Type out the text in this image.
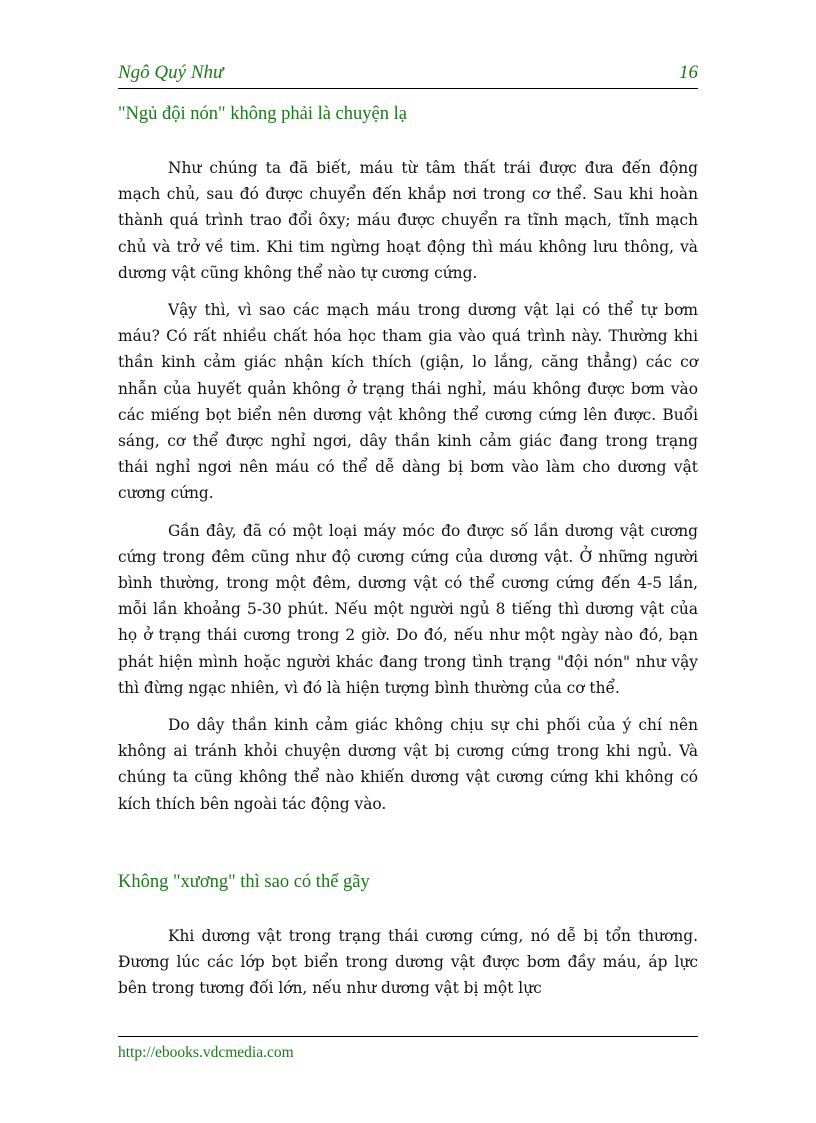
Ngô Quý Như	16
"Ngủ đội nón" không phải là chuyện lạ

Như chúng ta đã biết, máu từ tâm thất trái được đưa đến động mạch chủ, sau đó được chuyển đến khắp nơi trong cơ thể. Sau khi hoàn thành quá trình trao đổi ôxy; máu được chuyển ra tĩnh mạch, tĩnh mạch chủ và trở về tim. Khi tim ngừng hoạt động thì máu không lưu thông, và dương vật cũng không thể nào tự cương cứng.

Vậy thì, vì sao các mạch máu trong dương vật lại có thể tự bơm máu? Có rất nhiều chất hóa học tham gia vào quá trình này. Thường khi thần kinh cảm giác nhận kích thích (giận, lo lắng, căng thẳng) các cơ nhẫn của huyết quản không ở trạng thái nghỉ, máu không được bơm vào các miếng bọt biển nên dương vật không thể cương cứng lên được. Buổi sáng, cơ thể được nghỉ ngơi, dây thần kinh cảm giác đang trong trạng thái nghỉ ngơi nên máu có thể dễ dàng bị bơm vào làm cho dương vật cương cứng.

Gần đây, đã có một loại máy móc đo được số lần dương vật cương cứng trong đêm cũng như độ cương cứng của dương vật. Ở những người bình thường, trong một đêm, dương vật có thể cương cứng đến 4-5 lần, mỗi lần khoảng 5-30 phút. Nếu một người ngủ 8 tiếng thì dương vật của họ ở trạng thái cương trong 2 giờ. Do đó, nếu như một ngày nào đó, bạn phát hiện mình hoặc người khác đang trong tình trạng "đội nón" như vậy thì đừng ngạc nhiên, vì đó là hiện tượng bình thường của cơ thể.

Do dây thần kinh cảm giác không chịu sự chi phối của ý chí nên không ai tránh khỏi chuyện dương vật bị cương cứng trong khi ngủ. Và chúng ta cũng không thể nào khiến dương vật cương cứng khi không có kích thích bên ngoài tác động vào.

Không "xương" thì sao có thể gãy

Khi dương vật trong trạng thái cương cứng, nó dễ bị tổn thương. Đương lúc các lớp bọt biển trong dương vật được bơm đầy máu, áp lực bên trong tương đối lớn, nếu như dương vật bị một lực

http://ebooks.vdcmedia.com
